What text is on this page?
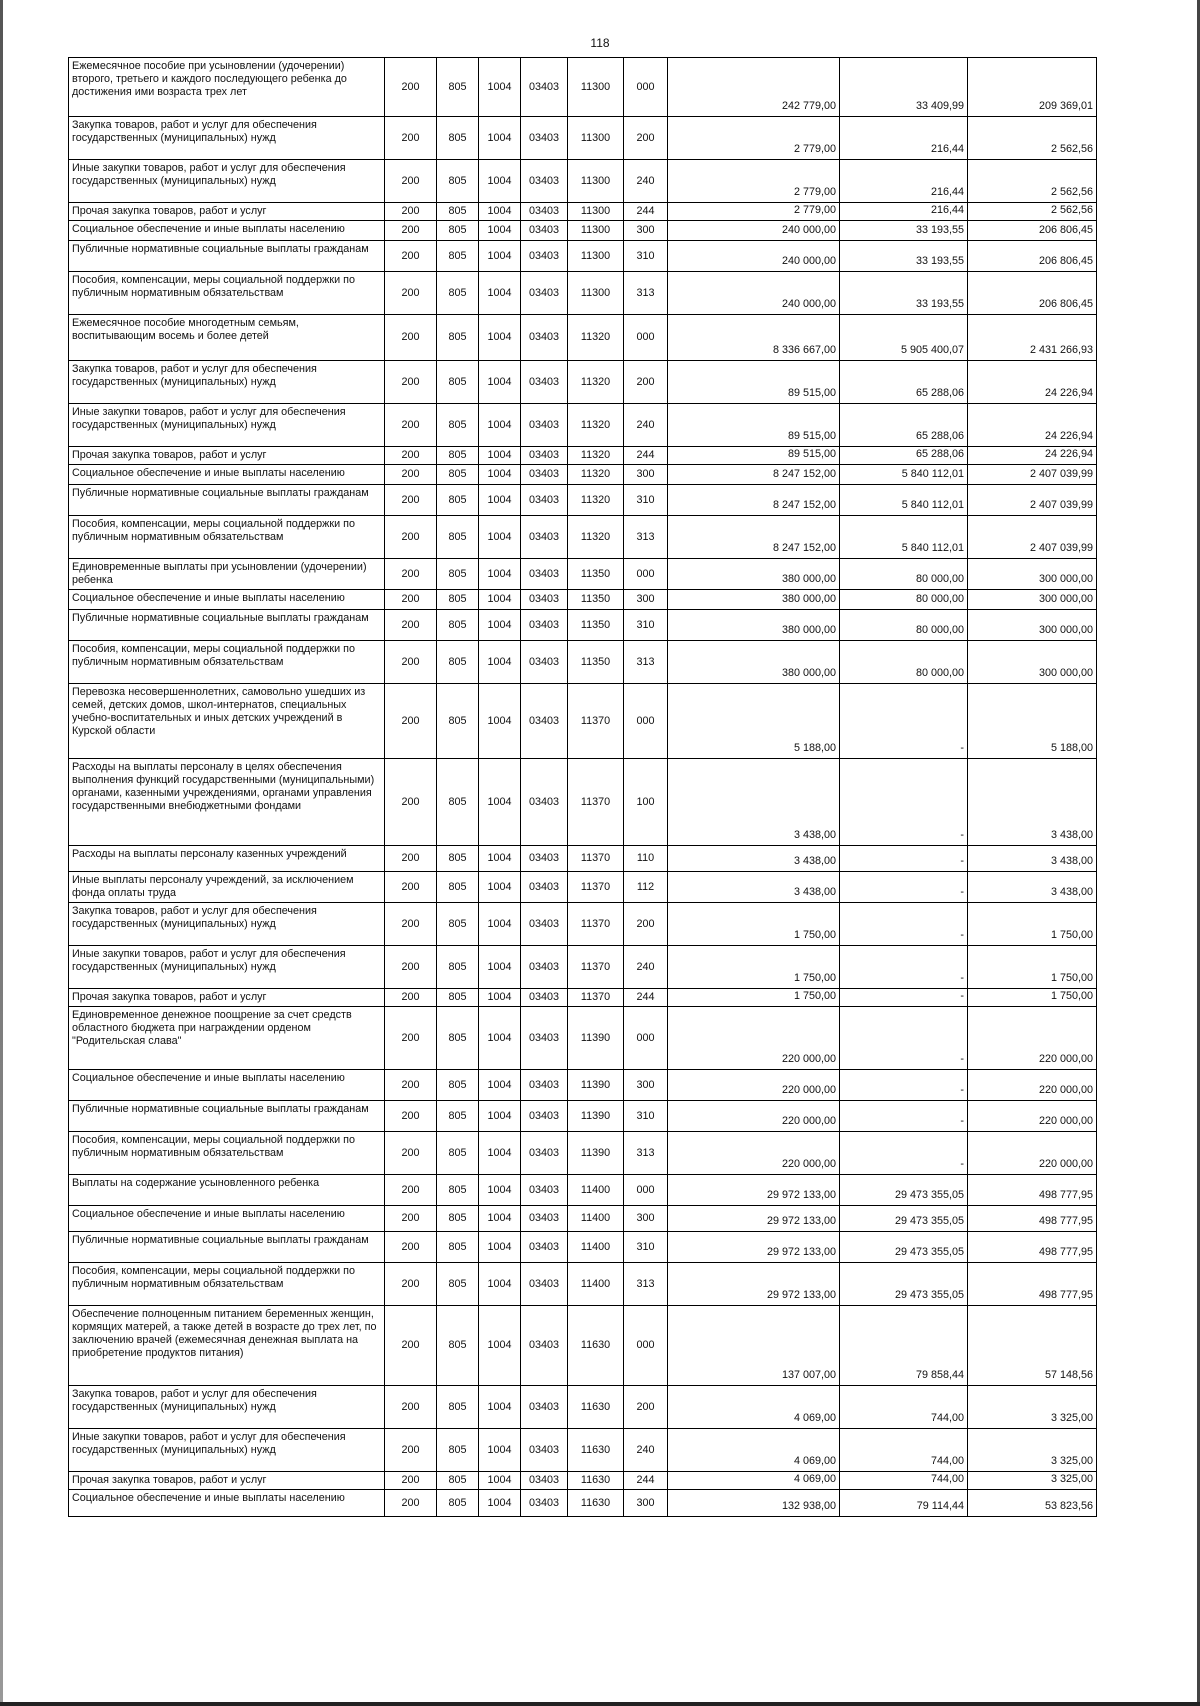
118
Ежемесячное пособие при усыновлении (удочерении) второго, третьего и каждого последующего ребенка до достижения ими возраста трех лет	200	805	1004	03403	11300	000	242 779,00	33 409,99	209 369,01
Закупка товаров, работ и услуг для обеспечения государственных (муниципальных) нужд	200	805	1004	03403	11300	200	2 779,00	216,44	2 562,56
Иные закупки товаров, работ и услуг для обеспечения государственных (муниципальных) нужд	200	805	1004	03403	11300	240	2 779,00	216,44	2 562,56
Прочая закупка товаров, работ и услуг	200	805	1004	03403	11300	244	2 779,00	216,44	2 562,56
Социальное обеспечение и иные выплаты населению	200	805	1004	03403	11300	300	240 000,00	33 193,55	206 806,45
Публичные нормативные социальные выплаты гражданам	200	805	1004	03403	11300	310	240 000,00	33 193,55	206 806,45
Пособия, компенсации, меры социальной поддержки по публичным нормативным обязательствам	200	805	1004	03403	11300	313	240 000,00	33 193,55	206 806,45
Ежемесячное пособие многодетным семьям, воспитывающим восемь и более детей	200	805	1004	03403	11320	000	8 336 667,00	5 905 400,07	2 431 266,93
Закупка товаров, работ и услуг для обеспечения государственных (муниципальных) нужд	200	805	1004	03403	11320	200	89 515,00	65 288,06	24 226,94
Иные закупки товаров, работ и услуг для обеспечения государственных (муниципальных) нужд	200	805	1004	03403	11320	240	89 515,00	65 288,06	24 226,94
Прочая закупка товаров, работ и услуг	200	805	1004	03403	11320	244	89 515,00	65 288,06	24 226,94
Социальное обеспечение и иные выплаты населению	200	805	1004	03403	11320	300	8 247 152,00	5 840 112,01	2 407 039,99
Публичные нормативные социальные выплаты гражданам	200	805	1004	03403	11320	310	8 247 152,00	5 840 112,01	2 407 039,99
Пособия, компенсации, меры социальной поддержки по публичным нормативным обязательствам	200	805	1004	03403	11320	313	8 247 152,00	5 840 112,01	2 407 039,99
Единовременные выплаты при усыновлении (удочерении) ребенка	200	805	1004	03403	11350	000	380 000,00	80 000,00	300 000,00
Социальное обеспечение и иные выплаты населению	200	805	1004	03403	11350	300	380 000,00	80 000,00	300 000,00
Публичные нормативные социальные выплаты гражданам	200	805	1004	03403	11350	310	380 000,00	80 000,00	300 000,00
Пособия, компенсации, меры социальной поддержки по публичным нормативным обязательствам	200	805	1004	03403	11350	313	380 000,00	80 000,00	300 000,00
Перевозка несовершеннолетних, самовольно ушедших из семей, детских домов, школ-интернатов, специальных учебно-воспитательных и иных детских учреждений в Курской области	200	805	1004	03403	11370	000	5 188,00	-	5 188,00
Расходы на выплаты персоналу в целях обеспечения выполнения функций государственными (муниципальными) органами, казенными учреждениями, органами управления государственными внебюджетными фондами	200	805	1004	03403	11370	100	3 438,00	-	3 438,00
Расходы на выплаты персоналу казенных учреждений	200	805	1004	03403	11370	110	3 438,00	-	3 438,00
Иные выплаты персоналу учреждений, за исключением фонда оплаты труда	200	805	1004	03403	11370	112	3 438,00	-	3 438,00
Закупка товаров, работ и услуг для обеспечения государственных (муниципальных) нужд	200	805	1004	03403	11370	200	1 750,00	-	1 750,00
Иные закупки товаров, работ и услуг для обеспечения государственных (муниципальных) нужд	200	805	1004	03403	11370	240	1 750,00	-	1 750,00
Прочая закупка товаров, работ и услуг	200	805	1004	03403	11370	244	1 750,00	-	1 750,00
Единовременное денежное поощрение за счет средств областного бюджета при награждении орденом "Родительская слава"	200	805	1004	03403	11390	000	220 000,00	-	220 000,00
Социальное обеспечение и иные выплаты населению	200	805	1004	03403	11390	300	220 000,00	-	220 000,00
Публичные нормативные социальные выплаты гражданам	200	805	1004	03403	11390	310	220 000,00	-	220 000,00
Пособия, компенсации, меры социальной поддержки по публичным нормативным обязательствам	200	805	1004	03403	11390	313	220 000,00	-	220 000,00
Выплаты на содержание усыновленного ребенка	200	805	1004	03403	11400	000	29 972 133,00	29 473 355,05	498 777,95
Социальное обеспечение и иные выплаты населению	200	805	1004	03403	11400	300	29 972 133,00	29 473 355,05	498 777,95
Публичные нормативные социальные выплаты гражданам	200	805	1004	03403	11400	310	29 972 133,00	29 473 355,05	498 777,95
Пособия, компенсации, меры социальной поддержки по публичным нормативным обязательствам	200	805	1004	03403	11400	313	29 972 133,00	29 473 355,05	498 777,95
Обеспечение полноценным питанием беременных женщин, кормящих матерей, а также детей в возрасте до трех лет, по заключению врачей (ежемесячная денежная выплата на приобретение продуктов питания)	200	805	1004	03403	11630	000	137 007,00	79 858,44	57 148,56
Закупка товаров, работ и услуг для обеспечения государственных (муниципальных) нужд	200	805	1004	03403	11630	200	4 069,00	744,00	3 325,00
Иные закупки товаров, работ и услуг для обеспечения государственных (муниципальных) нужд	200	805	1004	03403	11630	240	4 069,00	744,00	3 325,00
Прочая закупка товаров, работ и услуг	200	805	1004	03403	11630	244	4 069,00	744,00	3 325,00
Социальное обеспечение и иные выплаты населению	200	805	1004	03403	11630	300	132 938,00	79 114,44	53 823,56
